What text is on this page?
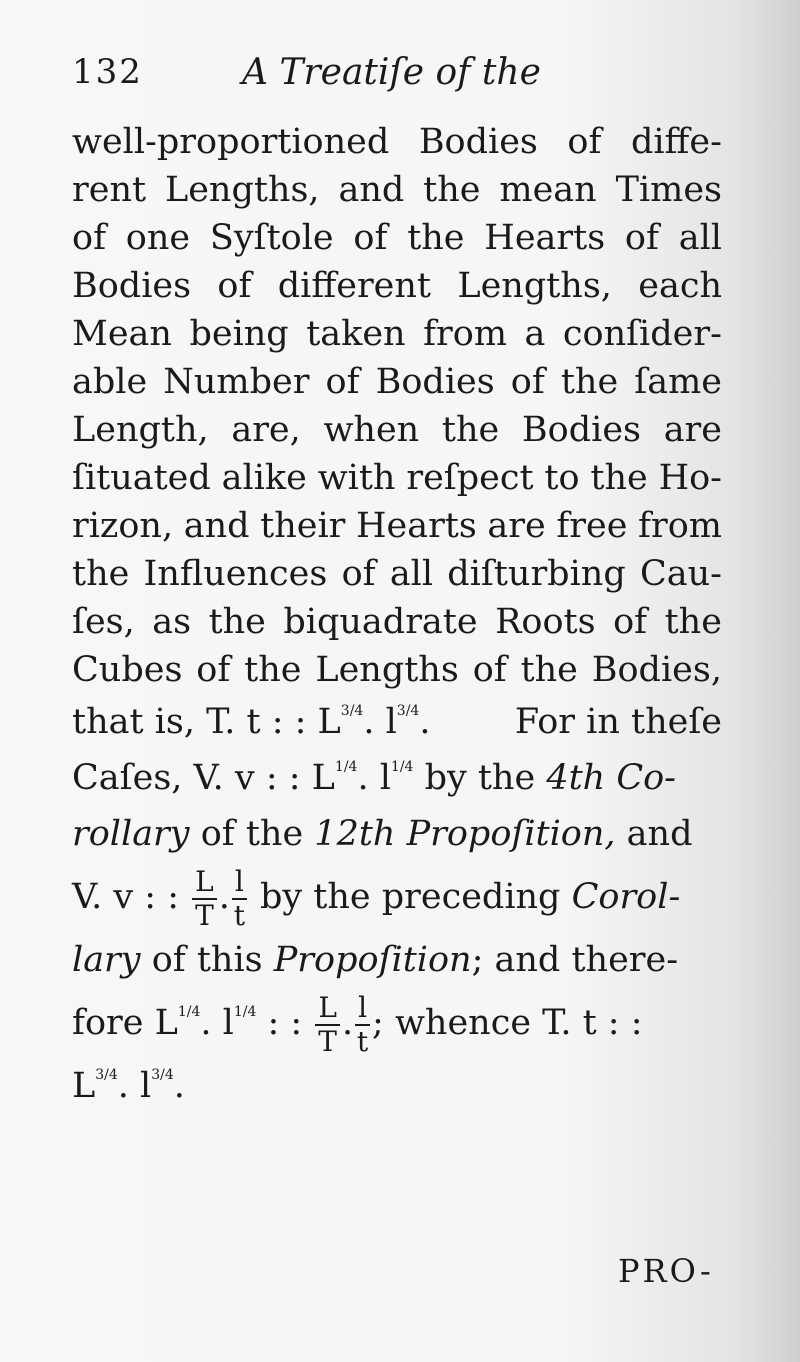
132	A Treatiſe of the
well-proportioned Bodies of diffe-
rent Lengths, and the mean Times
of one Syſtole of the Hearts of all
Bodies of different Lengths, each
Mean being taken from a conſider-
able Number of Bodies of the ſame
Length, are, when the Bodies are
ſituated alike with reſpect to the Ho-
rizon, and their Hearts are free from
the Influences of all diſturbing Cau-
ſes, as the biquadrate Roots of the
Cubes of the Lengths of the Bodies,
that is, T. t : : $L^{3/4}$. $l^{3/4}$. For in theſe
Caſes, V. v : : $L^{1/4}$. $l^{1/4}$ by the 4th Co-
rollary of the 12th Propoſition, and
V. v : : $\frac{L}{T}$ . $\frac{l}{t}$ by the preceding Corol-
lary of this Propoſition; and there-
fore $L^{1/4}$. $l^{1/4}$ : : $\frac{L}{T}$ . $\frac{l}{t}$ ; whence T. t : :
$L^{3/4}$. $l^{3/4}$.
PRO-
